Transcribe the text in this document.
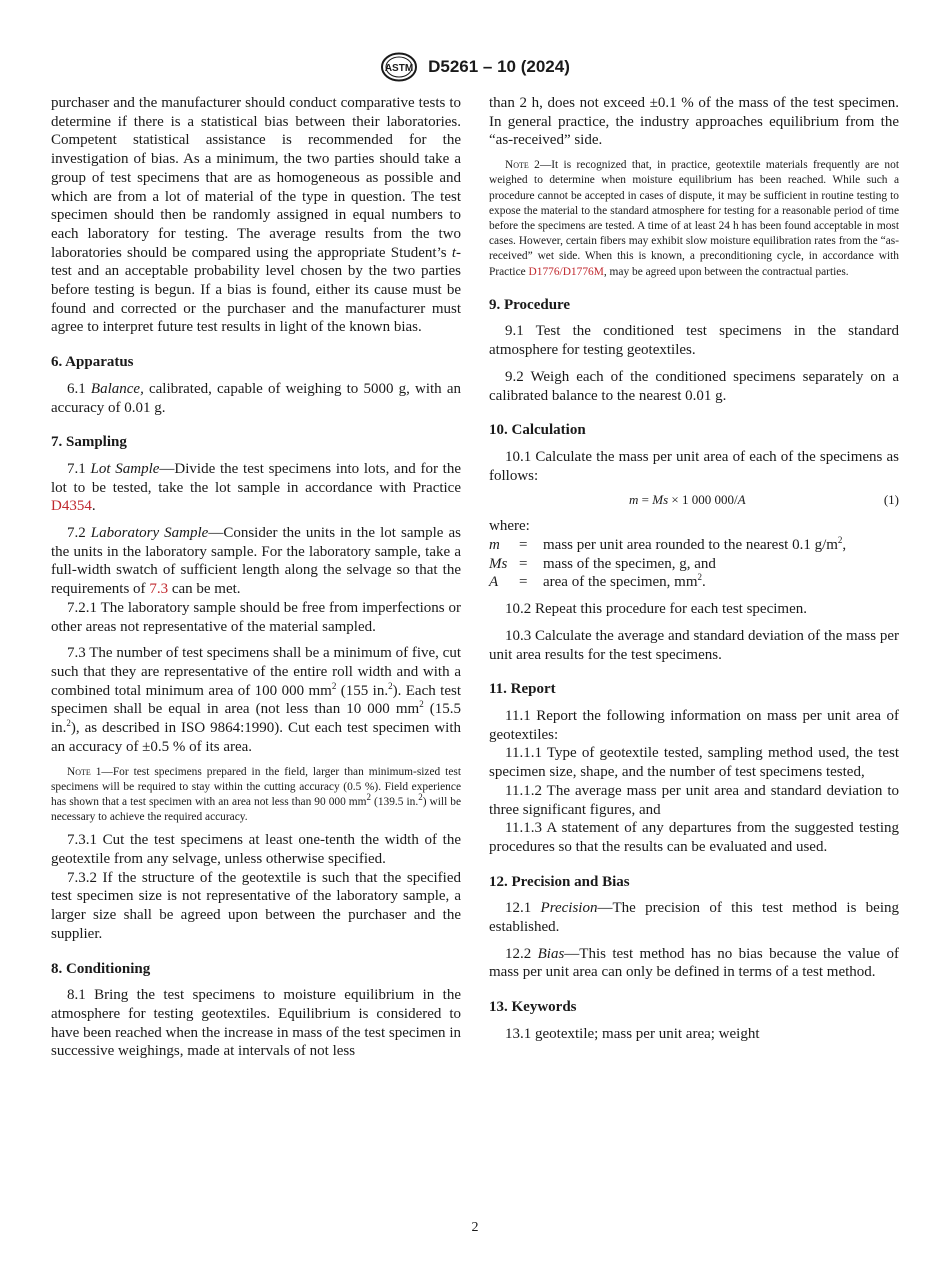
ASTM D5261 – 10 (2024)

purchaser and the manufacturer should conduct comparative tests to determine if there is a statistical bias between their laboratories. Competent statistical assistance is recommended for the investigation of bias. As a minimum, the two parties should take a group of test specimens that are as homogeneous as possible and which are from a lot of material of the type in question. The test specimen should then be randomly assigned in equal numbers to each laboratory for testing. The average results from the two laboratories should be compared using the appropriate Student’s t-test and an acceptable probability level chosen by the two parties before testing is begun. If a bias is found, either its cause must be found and corrected or the purchaser and the manufacturer must agree to interpret future test results in light of the known bias.

6. Apparatus

6.1 Balance, calibrated, capable of weighing to 5000 g, with an accuracy of 0.01 g.

7. Sampling

7.1 Lot Sample—Divide the test specimens into lots, and for the lot to be tested, take the lot sample in accordance with Practice D4354.

7.2 Laboratory Sample—Consider the units in the lot sample as the units in the laboratory sample. For the laboratory sample, take a full-width swatch of sufficient length along the selvage so that the requirements of 7.3 can be met.

7.2.1 The laboratory sample should be free from imperfections or other areas not representative of the material sampled.

7.3 The number of test specimens shall be a minimum of five, cut such that they are representative of the entire roll width and with a combined total minimum area of 100 000 $mm^2$ (155 in.$^2$). Each test specimen shall be equal in area (not less than 10 000 $mm^2$ (15.5 in.$^2$), as described in ISO 9864:1990). Cut each test specimen with an accuracy of ±0.5 % of its area.

Note 1—For test specimens prepared in the field, larger than minimum-sized test specimens will be required to stay within the cutting accuracy (0.5 %). Field experience has shown that a test specimen with an area not less than 90 000 $mm^2$ (139.5 in.$^2$) will be necessary to achieve the required accuracy.

7.3.1 Cut the test specimens at least one-tenth the width of the geotextile from any selvage, unless otherwise specified.

7.3.2 If the structure of the geotextile is such that the specified test specimen size is not representative of the laboratory sample, a larger size shall be agreed upon between the purchaser and the supplier.

8. Conditioning

8.1 Bring the test specimens to moisture equilibrium in the atmosphere for testing geotextiles. Equilibrium is considered to have been reached when the increase in mass of the test specimen in successive weighings, made at intervals of not less

than 2 h, does not exceed ±0.1 % of the mass of the test specimen. In general practice, the industry approaches equilibrium from the “as-received” side.

Note 2—It is recognized that, in practice, geotextile materials frequently are not weighed to determine when moisture equilibrium has been reached. While such a procedure cannot be accepted in cases of dispute, it may be sufficient in routine testing to expose the material to the standard atmosphere for testing for a reasonable period of time before the specimens are tested. A time of at least 24 h has been found acceptable in most cases. However, certain fibers may exhibit slow moisture equilibration rates from the “as-received” wet side. When this is known, a preconditioning cycle, in accordance with Practice D1776/D1776M, may be agreed upon between the contractual parties.

9. Procedure

9.1 Test the conditioned test specimens in the standard atmosphere for testing geotextiles.

9.2 Weigh each of the conditioned specimens separately on a calibrated balance to the nearest 0.01 g.

10. Calculation

10.1 Calculate the mass per unit area of each of the specimens as follows:

m = Ms × 1 000 000/A	(1)

where:

m	=	mass per unit area rounded to the nearest 0.1 $g/m^2$,
Ms	=	mass of the specimen, g, and
A	=	area of the specimen, $mm^2$.

10.2 Repeat this procedure for each test specimen.

10.3 Calculate the average and standard deviation of the mass per unit area results for the test specimens.

11. Report

11.1 Report the following information on mass per unit area of geotextiles:

11.1.1 Type of geotextile tested, sampling method used, the test specimen size, shape, and the number of test specimens tested,

11.1.2 The average mass per unit area and standard deviation to three significant figures, and

11.1.3 A statement of any departures from the suggested testing procedures so that the results can be evaluated and used.

12. Precision and Bias

12.1 Precision—The precision of this test method is being established.

12.2 Bias—This test method has no bias because the value of mass per unit area can only be defined in terms of a test method.

13. Keywords

13.1 geotextile; mass per unit area; weight

2
